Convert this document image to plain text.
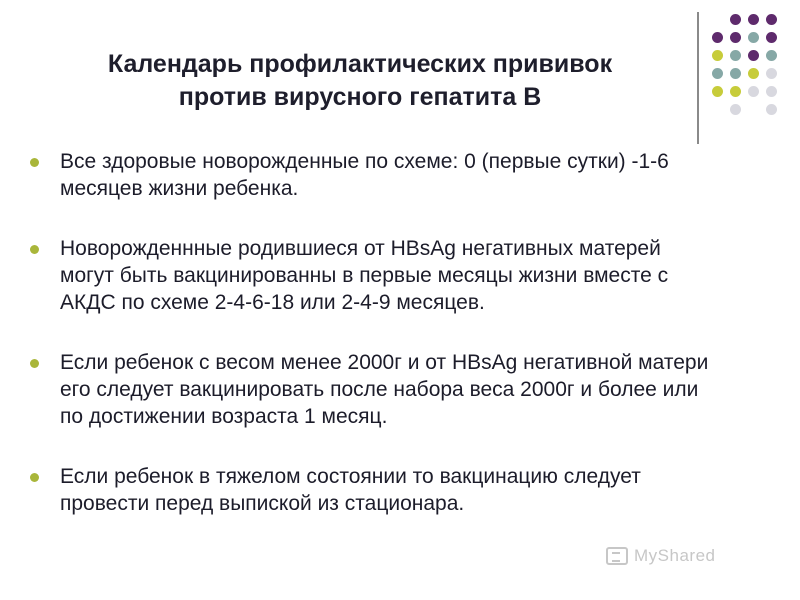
Календарь профилактических прививок
против вирусного гепатита В
Все здоровые новорожденные по схеме: 0 (первые сутки) -1-6 месяцев жизни ребенка.
Новорожденнные родившиеся от HBsAg негативных матерей могут быть вакцинированны в первые месяцы жизни вместе с АКДС по схеме 2-4-6-18 или 2-4-9 месяцев.
Если ребенок с весом менее 2000г и от HBsAg негативной матери его следует вакцинировать после набора веса 2000г и более или по достижении возраста 1 месяц.
Если ребенок в тяжелом состоянии то вакцинацию следует провести перед выпиской из стационара.
MyShared
